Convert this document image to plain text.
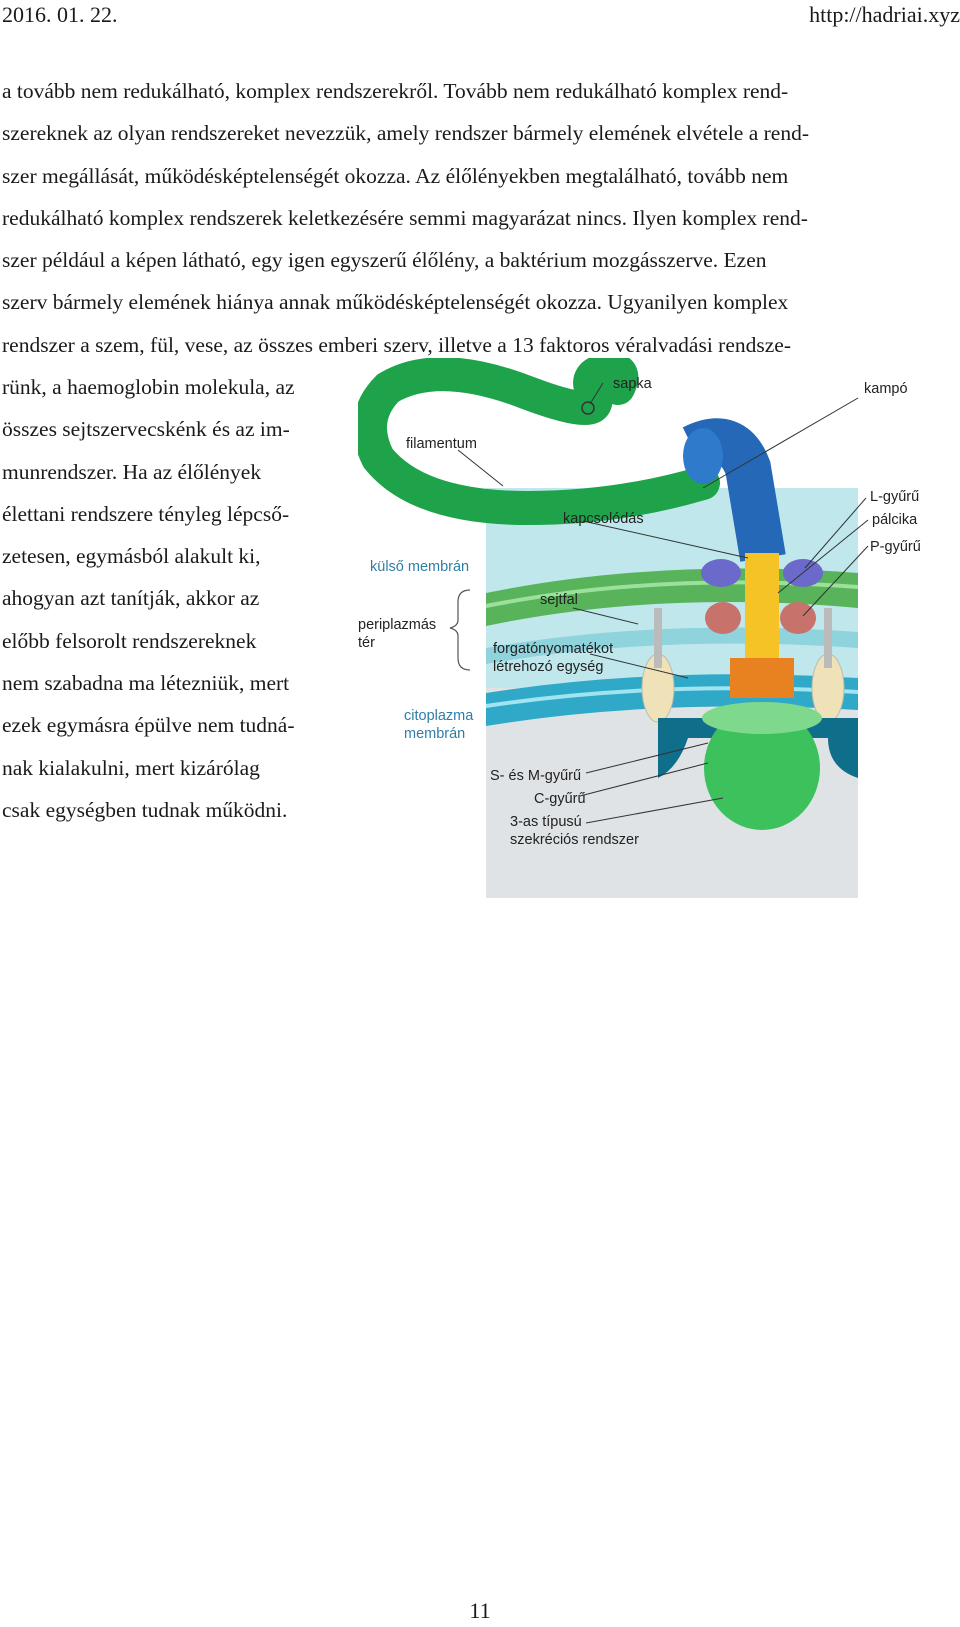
2016. 01. 22.	http://hadriai.xyz

a tovább nem redukálható, komplex rendszerekről. Tovább nem redukálható komplex rend-
szereknek az olyan rendszereket nevezzük, amely rendszer bármely elemének elvétele a rend-
szer megállását, működésképtelenségét okozza. Az élőlényekben megtalálható, tovább nem
redukálható komplex rendszerek keletkezésére semmi magyarázat nincs. Ilyen komplex rend-
szer például a képen látható, egy igen egyszerű élőlény, a baktérium mozgásszerve. Ezen
szerv bármely elemének hiánya annak működésképtelenségét okozza. Ugyanilyen komplex
rendszer a szem, fül, vese, az összes emberi szerv, illetve a 13 faktoros véralvadási rendsze-

rünk, a haemoglobin molekula, az
összes sejtszervecskénk és az im-
munrendszer. Ha az élőlények
élettani rendszere tényleg lépcső-
zetesen, egymásból alakult ki,
ahogyan azt tanítják, akkor az
előbb felsorolt rendszereknek
nem szabadna ma létezniük, mert
ezek egymásra épülve nem tudná-
nak kialakulni, mert kizárólag
csak egységben tudnak működni.

sapka	kampó
filamentum
L-gyűrű
kapcsolódás	pálcika
P-gyűrű
külső membrán
sejtfal
periplazmás
tér	forgatónyomatékot
létrehozó egység
citoplazma
membrán
S- és M-gyűrű
C-gyűrű
3-as típusú
szekréciós rendszer
11
